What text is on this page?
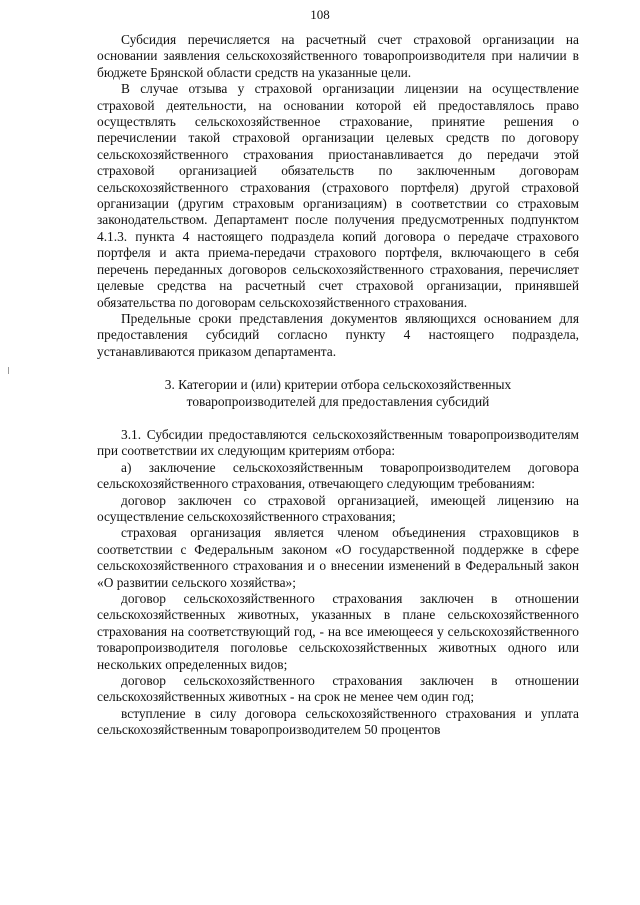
108

Субсидия перечисляется на расчетный счет страховой организации на основании заявления сельскохозяйственного товаропроизводителя при наличии в бюджете Брянской области средств на указанные цели.

В случае отзыва у страховой организации лицензии на осуществление страховой деятельности, на основании которой ей предоставлялось право осуществлять сельскохозяйственное страхование, принятие решения о перечислении такой страховой организации целевых средств по договору сельскохозяйственного страхования приостанавливается до передачи этой страховой организацией обязательств по заключенным договорам сельскохозяйственного страхования (страхового портфеля) другой страховой организации (другим страховым организациям) в соответствии со страховым законодательством. Департамент после получения предусмотренных подпунктом 4.1.3. пункта 4 настоящего подраздела копий договора о передаче страхового портфеля и акта приема-передачи страхового портфеля, включающего в себя перечень переданных договоров сельскохозяйственного страхования, перечисляет целевые средства на расчетный счет страховой организации, принявшей обязательства по договорам сельскохозяйственного страхования.

Предельные сроки представления документов являющихся основанием для предоставления субсидий согласно пункту 4 настоящего подраздела, устанавливаются приказом департамента.

3. Категории и (или) критерии отбора сельскохозяйственных

товаропроизводителей для предоставления субсидий

3.1. Субсидии предоставляются сельскохозяйственным товаропроизводителям при соответствии их следующим критериям отбора:

а) заключение сельскохозяйственным товаропроизводителем договора сельскохозяйственного страхования, отвечающего следующим требованиям:

договор заключен со страховой организацией, имеющей лицензию на осуществление сельскохозяйственного страхования;

страховая организация является членом объединения страховщиков в соответствии с Федеральным законом «О государственной поддержке в сфере сельскохозяйственного страхования и о внесении изменений в Федеральный закон «О развитии сельского хозяйства»;

договор сельскохозяйственного страхования заключен в отношении сельскохозяйственных животных, указанных в плане сельскохозяйственного страхования на соответствующий год, - на все имеющееся у сельскохозяйственного товаропроизводителя поголовье сельскохозяйственных животных одного или нескольких определенных видов;

договор сельскохозяйственного страхования заключен в отношении сельскохозяйственных животных - на срок не менее чем один год;

вступление в силу договора сельскохозяйственного страхования и уплата сельскохозяйственным товаропроизводителем 50 процентов
